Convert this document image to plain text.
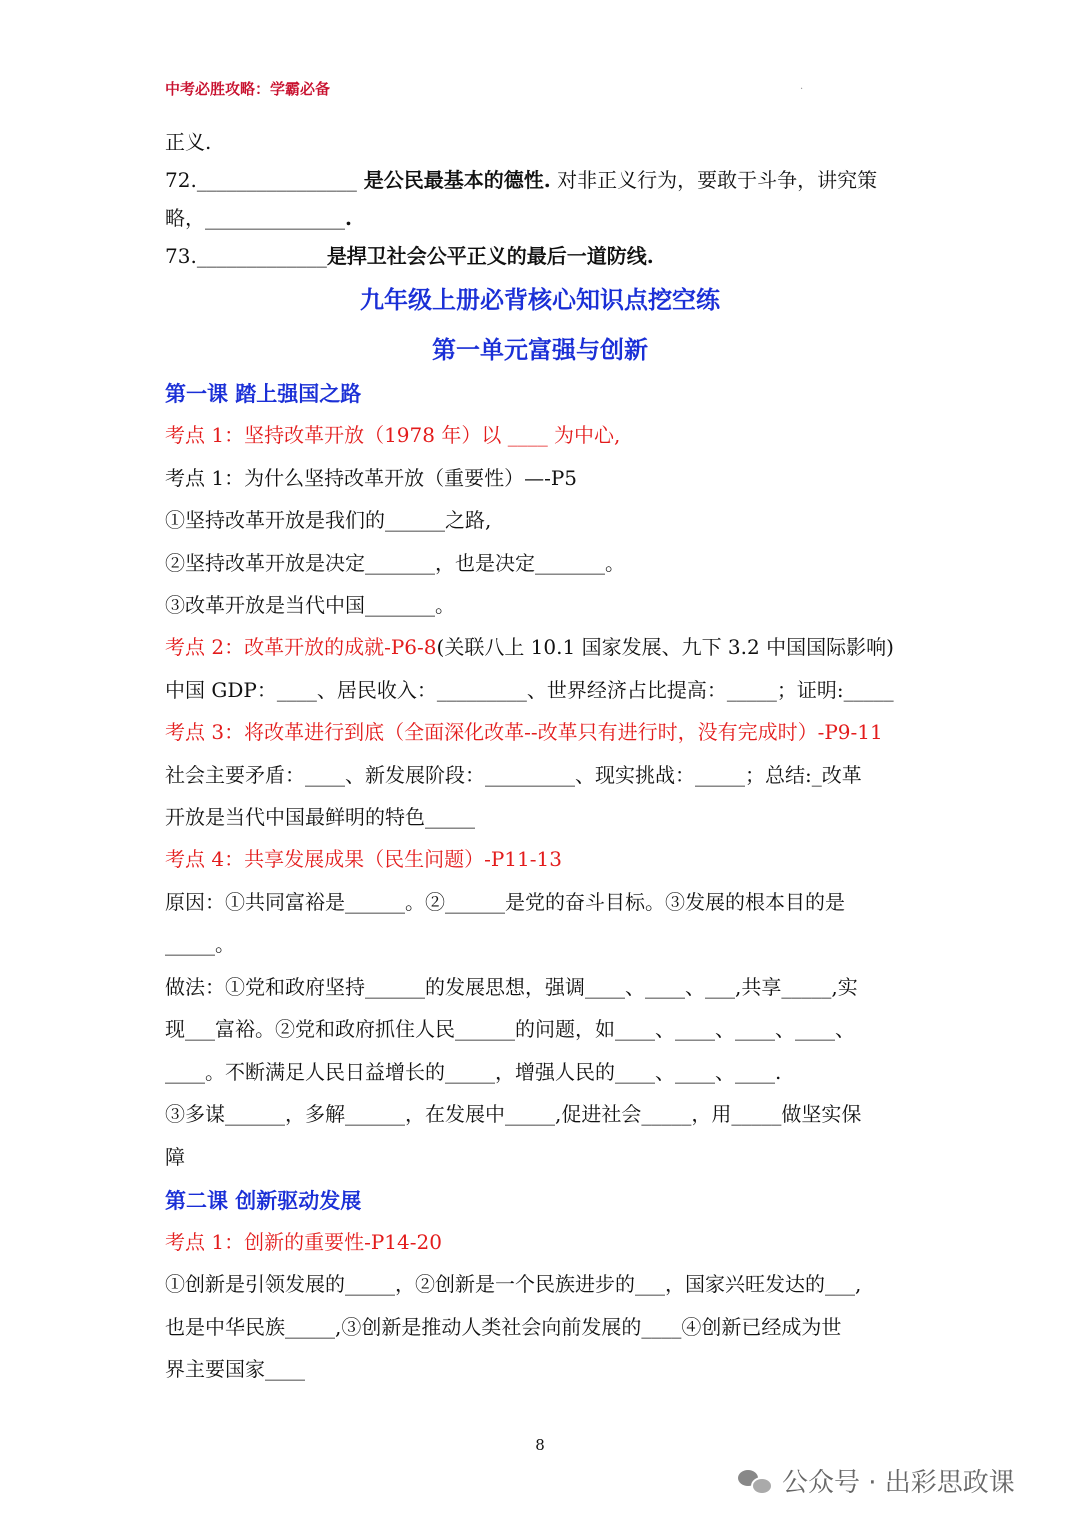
中考必胜攻略：学霸必备	·
正义.
72.________________ 是公民最基本的德性. 对非正义行为，要敢于斗争，讲究策
略，______________.
73._____________是捍卫社会公平正义的最后一道防线.
九年级上册必背核心知识点挖空练
第一单元富强与创新
第一课 踏上强国之路
考点 1：坚持改革开放（1978 年）以 ____ 为中心,
考点 1：为什么坚持改革开放（重要性）—-P5
①坚持改革开放是我们的______之路,
②坚持改革开放是决定_______，也是决定_______。
③改革开放是当代中国_______。
考点 2：改革开放的成就-P6-8(关联八上 10.1 国家发展、九下 3.2 中国国际影响)
中国 GDP：____、居民收入：_________、世界经济占比提高：_____；证明:_____
考点 3：将改革进行到底（全面深化改革--改革只有进行时，没有完成时）-P9-11
社会主要矛盾：____、新发展阶段：_________、现实挑战：_____；总结:_改革
开放是当代中国最鲜明的特色_____
考点 4：共享发展成果（民生问题）-P11-13
原因：①共同富裕是______。②______是党的奋斗目标。③发展的根本目的是
_____。
做法：①党和政府坚持______的发展思想，强调____、____、___,共享_____,实
现___富裕。②党和政府抓住人民______的问题，如____、____、____、____、
____。不断满足人民日益增长的_____，增强人民的____、____、____.
③多谋______，多解______，在发展中_____,促进社会_____，用_____做坚实保
障
第二课 创新驱动发展
考点 1：创新的重要性-P14-20
①创新是引领发展的_____，②创新是一个民族进步的___，国家兴旺发达的___,
也是中华民族_____,③创新是推动人类社会向前发展的____④创新已经成为世
界主要国家____
8
公众号 · 出彩思政课
